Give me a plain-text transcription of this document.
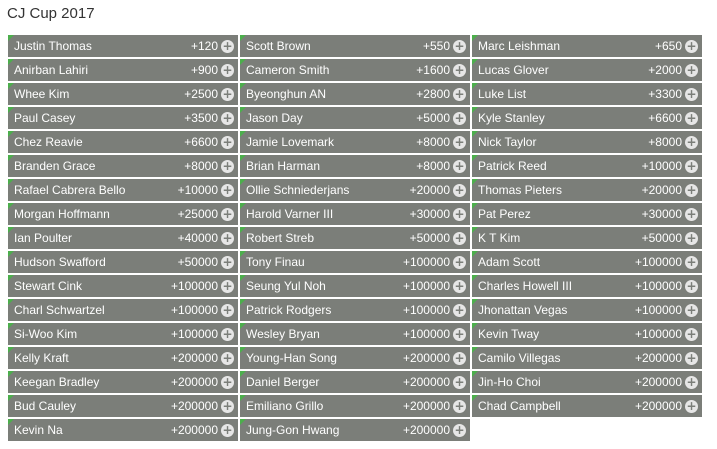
CJ Cup 2017
Justin Thomas	+120 + Scott Brown	+550 + Marc Leishman	+650 +
Anirban Lahiri	+900 + Cameron Smith	+1600 + Lucas Glover	+2000 +
Whee Kim	+2500 + Byeonghun AN	+2800 + Luke List	+3300 +
Paul Casey	+3500 + Jason Day	+5000 + Kyle Stanley	+6600 +
Chez Reavie	+6600 + Jamie Lovemark	+8000 + Nick Taylor	+8000 +
Branden Grace	+8000 + Brian Harman	+8000 + Patrick Reed	+10000 +
Rafael Cabrera Bello	+10000 + Ollie Schniederjans	+20000 + Thomas Pieters	+20000 +
Morgan Hoffmann	+25000 + Harold Varner III	+30000 + Pat Perez	+30000 +
Ian Poulter	+40000 + Robert Streb	+50000 + K T Kim	+50000 +
Hudson Swafford	+50000 + Tony Finau	+100000 + Adam Scott	+100000 +
Stewart Cink	+100000 + Seung Yul Noh	+100000 + Charles Howell III	+100000 +
Charl Schwartzel	+100000 + Patrick Rodgers	+100000 + Jhonattan Vegas	+100000 +
Si-Woo Kim	+100000 + Wesley Bryan	+100000 + Kevin Tway	+100000 +
Kelly Kraft	+200000 + Young-Han Song	+200000 + Camilo Villegas	+200000 +
Keegan Bradley	+200000 + Daniel Berger	+200000 + Jin-Ho Choi	+200000 +
Bud Cauley	+200000 + Emiliano Grillo	+200000 + Chad Campbell	+200000 +
Kevin Na	+200000 + Jung-Gon Hwang	+200000 +
